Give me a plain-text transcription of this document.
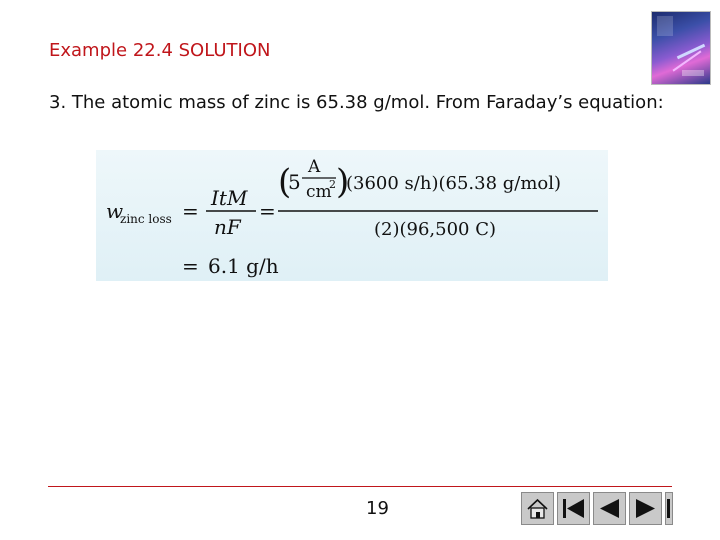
Example 22.4 SOLUTION
3. The atomic mass of zinc is 65.38 g/mol. From Faraday’s equation:
w
zinc loss =
ItM
nF
=
(
5
A
cm
2 )
(3600 s/h)(65.38 g/mol)
(2)(96,500 C)
= 6.1 g/h
19
